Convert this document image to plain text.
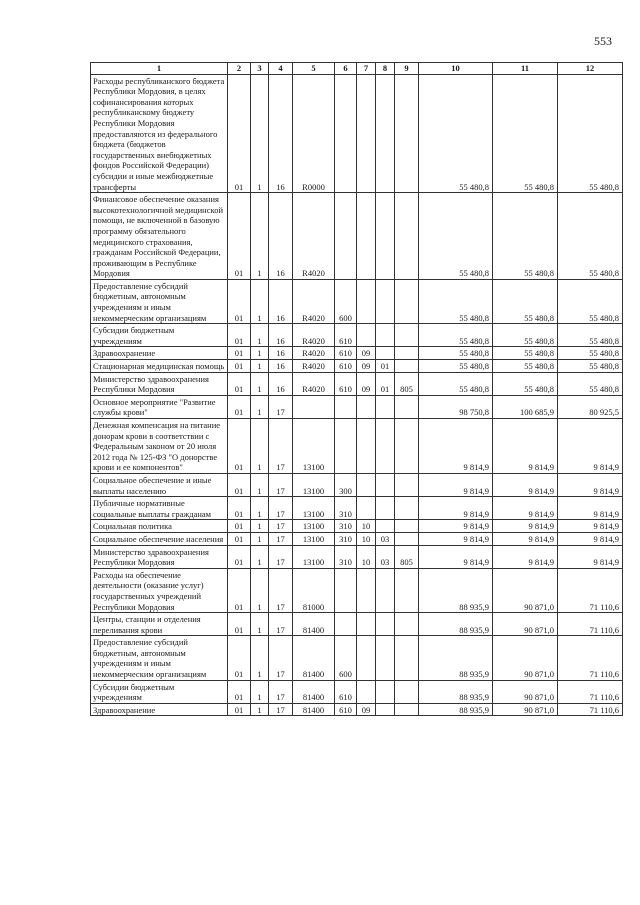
553
1	2	3	4	5	6	7	8	9	10	11	12
Расходы республиканского бюджета Республики Мордовия, в целях софинансирования которых республиканскому бюджету Республики Мордовия предоставляются из федерального бюджета (бюджетов государственных внебюджетных фондов Российской Федерации) субсидии и иные межбюджетные трансферты	01	1	16	R0000					55 480,8	55 480,8	55 480,8
Финансовое обеспечение оказания высокотехнологичной медицинской помощи, не включенной в базовую программу обязательного медицинского страхования, гражданам Российской Федерации, проживающим в Республике Мордовия	01	1	16	R4020					55 480,8	55 480,8	55 480,8
Предоставление субсидий бюджетным, автономным учреждениям и иным некоммерческим организациям	01	1	16	R4020	600				55 480,8	55 480,8	55 480,8
Субсидии бюджетным учреждениям	01	1	16	R4020	610				55 480,8	55 480,8	55 480,8
Здравоохранение	01	1	16	R4020	610	09			55 480,8	55 480,8	55 480,8
Стационарная медицинская помощь	01	1	16	R4020	610	09	01		55 480,8	55 480,8	55 480,8
Министерство здравоохранения Республики Мордовия	01	1	16	R4020	610	09	01	805	55 480,8	55 480,8	55 480,8
Основное мероприятие "Развитие службы крови"	01	1	17						98 750,8	100 685,9	80 925,5
Денежная компенсация на питание донорам крови в соответствии с Федеральным законом от 20 июля 2012 года № 125-ФЗ "О донорстве крови и ее компонентов"	01	1	17	13100					9 814,9	9 814,9	9 814,9
Социальное обеспечение и иные выплаты населению	01	1	17	13100	300				9 814,9	9 814,9	9 814,9
Публичные нормативные социальные выплаты гражданам	01	1	17	13100	310				9 814,9	9 814,9	9 814,9
Социальная политика	01	1	17	13100	310	10			9 814,9	9 814,9	9 814,9
Социальное обеспечение населения	01	1	17	13100	310	10	03		9 814,9	9 814,9	9 814,9
Министерство здравоохранения Республики Мордовия	01	1	17	13100	310	10	03	805	9 814,9	9 814,9	9 814,9
Расходы на обеспечение деятельности (оказание услуг) государственных учреждений Республики Мордовия	01	1	17	81000					88 935,9	90 871,0	71 110,6
Центры, станции и отделения переливания крови	01	1	17	81400					88 935,9	90 871,0	71 110,6
Предоставление субсидий бюджетным, автономным учреждениям и иным некоммерческим организациям	01	1	17	81400	600				88 935,9	90 871,0	71 110,6
Субсидии бюджетным учреждениям	01	1	17	81400	610				88 935,9	90 871,0	71 110,6
Здравоохранение	01	1	17	81400	610	09			88 935,9	90 871,0	71 110,6
